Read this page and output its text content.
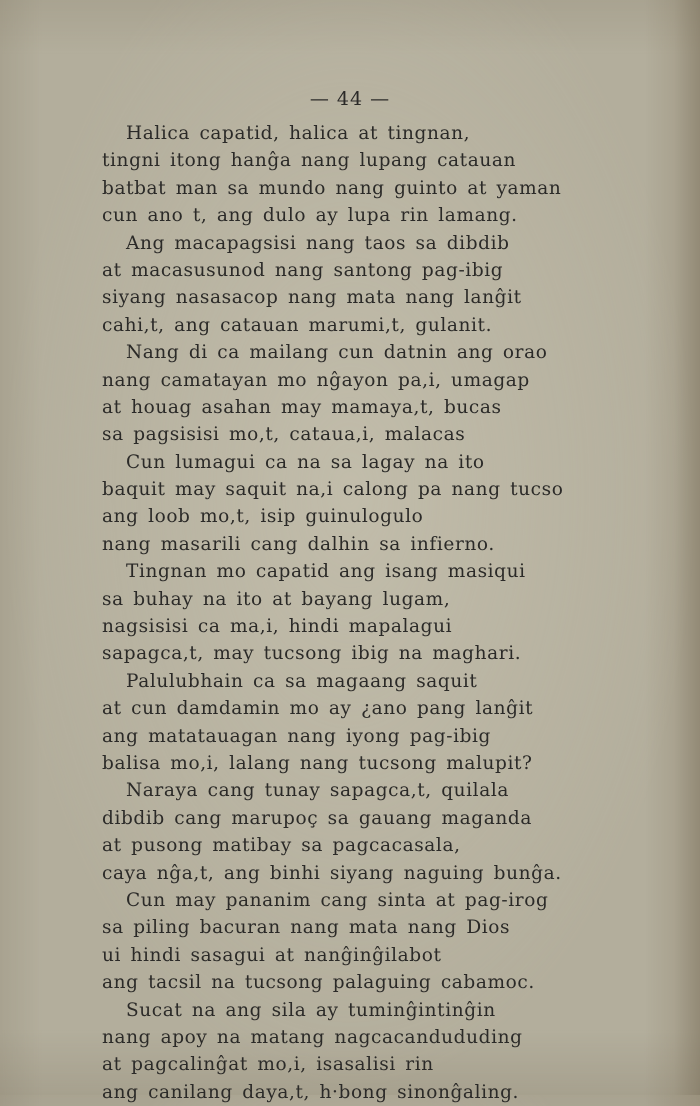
— 44 —
Halica capatid, halica at tingnan,
tingni itong hanĝa nang lupang catauan
batbat man sa mundo nang guinto at yaman
cun ano t, ang dulo ay lupa rin lamang.
Ang macapagsisi nang taos sa dibdib
at macasusunod nang santong pag-ibig
siyang nasasacop nang mata nang lanĝit
cahi,t, ang catauan marumi,t, gulanit.
Nang di ca mailang cun datnin ang orao
nang camatayan mo nĝayon pa,i, umagap
at houag asahan may mamaya,t, bucas
sa pagsisisi mo,t, cataua,i, malacas
Cun lumagui ca na sa lagay na ito
baquit may saquit na,i calong pa nang tucso
ang loob mo,t, isip guinulogulo
nang masarili cang dalhin sa infierno.
Tingnan mo capatid ang isang masiqui
sa buhay na ito at bayang lugam,
nagsisisi ca ma,i, hindi mapalagui
sapagca,t, may tucsong ibig na maghari.
Palulubhain ca sa magaang saquit
at cun damdamin mo ay ¿ano pang lanĝit
ang matatauagan nang iyong pag-ibig
balisa mo,i, lalang nang tucsong malupit?
Naraya cang tunay sapagca,t, quilala
dibdib cang marupoç sa gauang maganda
at pusong matibay sa pagcacasala,
caya nĝa,t, ang binhi siyang naguing bunĝa.
Cun may pananim cang sinta at pag-irog
sa piling bacuran nang mata nang Dios
ui hindi sasagui at nanĝinĝilabot
ang tacsil na tucsong palaguing cabamoc.
Sucat na ang sila ay tuminĝintinĝin
nang apoy na matang nagcacandududing
at pagcalinĝat mo,i, isasalisi rin
ang canilang daya,t, h·bong sinonĝaling.
